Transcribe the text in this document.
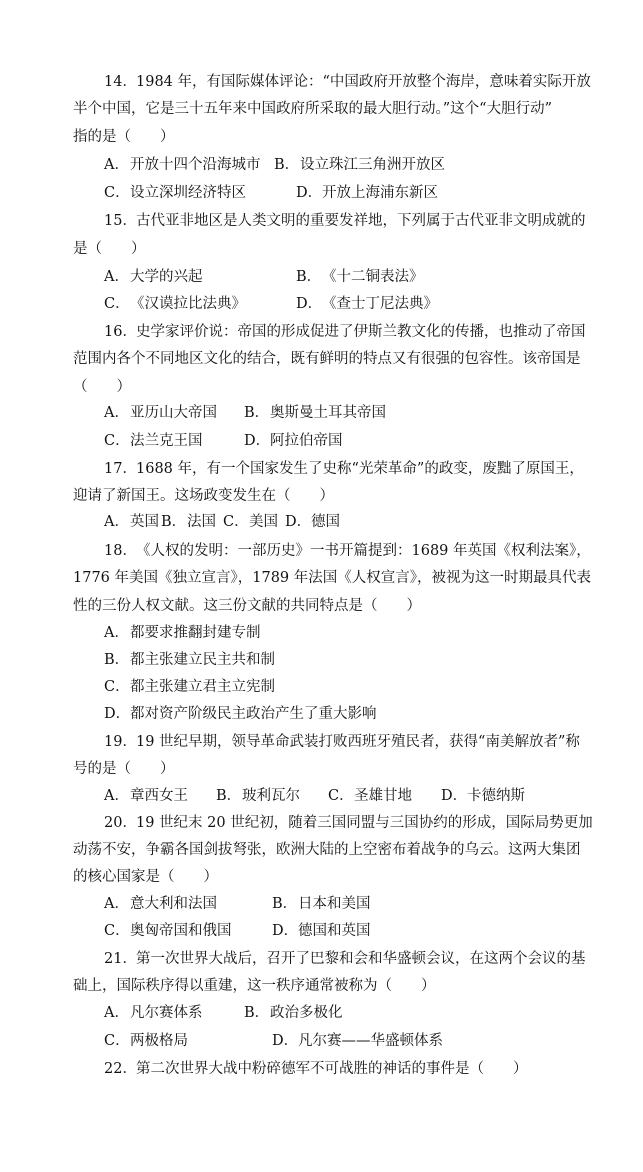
14． 1984 年，有国际媒体评论：“中国政府开放整个海岸，意味着实际开放
半个中国，它是三十五年来中国政府所采取的最大胆行动。”这个“大胆行动”
指的是（　　）
A．开放十四个沿海城市 B．设立珠江三角洲开放区
C．设立深圳经济特区	D．开放上海浦东新区
15． 古代亚非地区是人类文明的重要发祥地，下列属于古代亚非文明成就的
是（　　）
A．大学的兴起	B．《十二铜表法》
C．《汉谟拉比法典》	D．《查士丁尼法典》
16． 史学家评价说：帝国的形成促进了伊斯兰教文化的传播，也推动了帝国
范围内各个不同地区文化的结合，既有鲜明的特点又有很强的包容性。该帝国是
（　　）
A．亚历山大帝国 B．奥斯曼土耳其帝国
C．法兰克王国	D．阿拉伯帝国
17． 1688 年，有一个国家发生了史称“光荣革命”的政变，废黜了原国王，
迎请了新国王。这场政变发生在（　　）
A．英国 B．法国 C．美国 D．德国
18． 《人权的发明：一部历史》一书开篇提到：1689 年英国《权利法案》，
1776 年美国《独立宣言》，1789 年法国《人权宣言》，被视为这一时期最具代表
性的三份人权文献。这三份文献的共同特点是（　　）
A．都要求推翻封建专制
B．都主张建立民主共和制
C．都主张建立君主立宪制
D．都对资产阶级民主政治产生了重大影响
19． 19 世纪早期，领导革命武装打败西班牙殖民者，获得“南美解放者”称
号的是（　　）
A．章西女王 B．玻利瓦尔 C．圣雄甘地 D．卡德纳斯
20． 19 世纪末 20 世纪初，随着三国同盟与三国协约的形成，国际局势更加
动荡不安，争霸各国剑拔弩张，欧洲大陆的上空密布着战争的乌云。这两大集团
的核心国家是（　　）
A．意大利和法国	B．日本和美国
C．奥匈帝国和俄国	D．德国和英国
21． 第一次世界大战后，召开了巴黎和会和华盛顿会议，在这两个会议的基
础上，国际秩序得以重建，这一秩序通常被称为（　　）
A．凡尔赛体系	B．政治多极化
C．两极格局	D．凡尔赛——华盛顿体系
22． 第二次世界大战中粉碎德军不可战胜的神话的事件是（　　）
